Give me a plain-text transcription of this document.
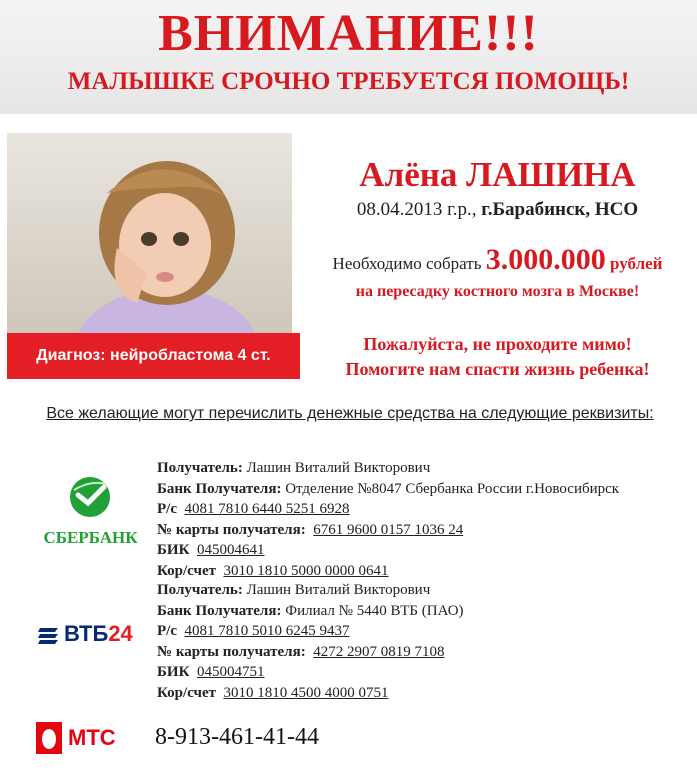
ВНИМАНИЕ!!!
МАЛЫШКЕ СРОЧНО ТРЕБУЕТСЯ ПОМОЩЬ!
Диагноз: нейробластома 4 ст.
Алёна ЛАШИНА
08.04.2013 г.р., г.Барабинск, НСО
Необходимо собрать 3.000.000 рублей
на пересадку костного мозга в Москве!
Пожалуйста, не проходите мимо!
Помогите нам спасти жизнь ребенка!
Все желающие могут перечислить денежные средства на следующие реквизиты:
СБЕРБАНК
Получатель: Лашин Виталий Викторович
Банк Получателя: Отделение №8047 Сбербанка России г.Новосибирск
Р/с 4081 7810 6440 5251 6928
№ карты получателя: 6761 9600 0157 1036 24
БИК 045004641
Кор/счет 3010 1810 5000 0000 0641
ВТБ24
Получатель: Лашин Виталий Викторович
Банк Получателя: Филиал № 5440 ВТБ (ПАО)
Р/с 4081 7810 5010 6245 9437
№ карты получателя: 4272 2907 0819 7108
БИК 045004751
Кор/счет 3010 1810 4500 4000 0751
МТС 8-913-461-41-44
